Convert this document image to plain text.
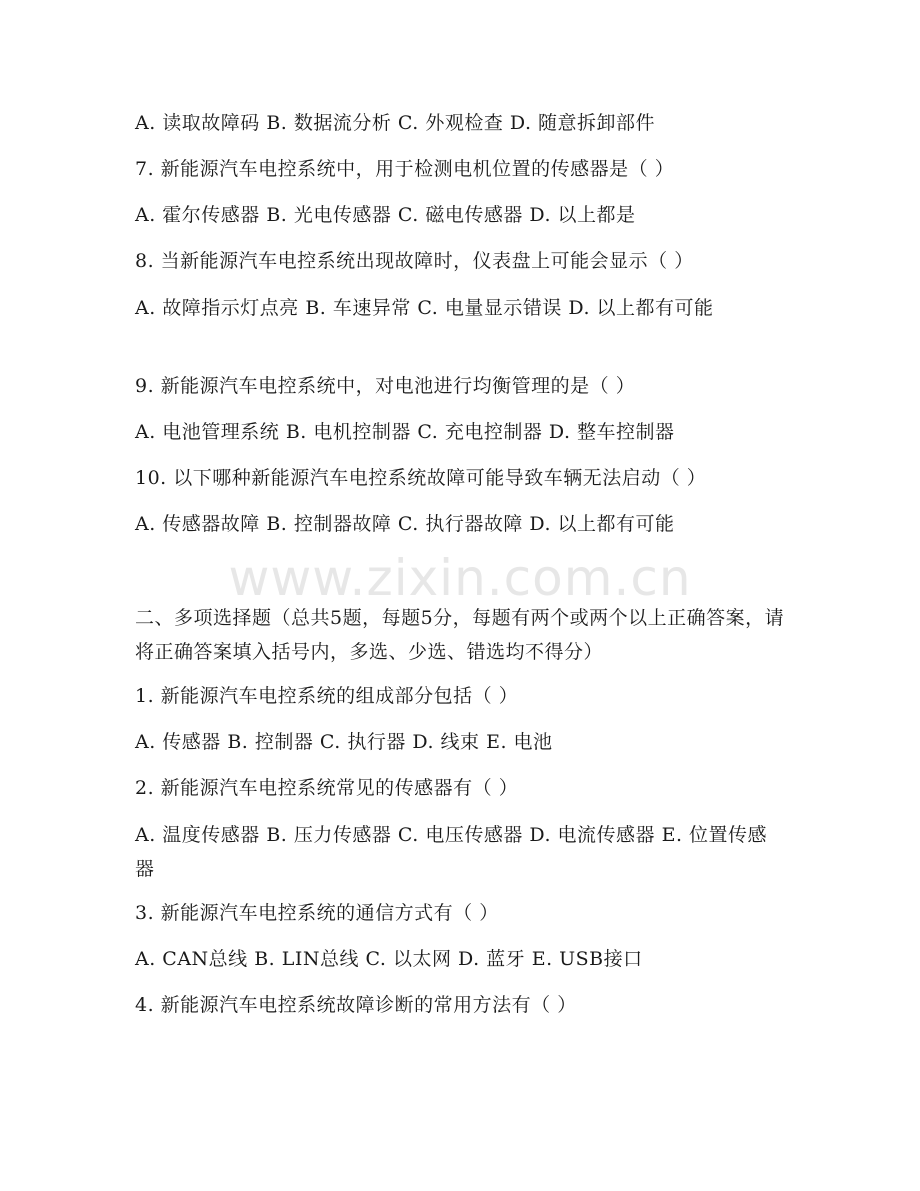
www.zixin.com.cn
A. 读取故障码 B. 数据流分析 C. 外观检查 D. 随意拆卸部件
7. 新能源汽车电控系统中，用于检测电机位置的传感器是（ ）
A. 霍尔传感器 B. 光电传感器 C. 磁电传感器 D. 以上都是
8. 当新能源汽车电控系统出现故障时，仪表盘上可能会显示（ ）
A. 故障指示灯点亮 B. 车速异常 C. 电量显示错误 D. 以上都有可能
9. 新能源汽车电控系统中，对电池进行均衡管理的是（ ）
A. 电池管理系统 B. 电机控制器 C. 充电控制器 D. 整车控制器
10. 以下哪种新能源汽车电控系统故障可能导致车辆无法启动（ ）
A. 传感器故障 B. 控制器故障 C. 执行器故障 D. 以上都有可能
二、多项选择题（总共5题，每题5分，每题有两个或两个以上正确答案，请将正确答案填入括号内，多选、少选、错选均不得分）
1. 新能源汽车电控系统的组成部分包括（ ）
A. 传感器 B. 控制器 C. 执行器 D. 线束 E. 电池
2. 新能源汽车电控系统常见的传感器有（ ）
A. 温度传感器 B. 压力传感器 C. 电压传感器 D. 电流传感器 E. 位置传感器
3. 新能源汽车电控系统的通信方式有（ ）
A. CAN总线 B. LIN总线 C. 以太网 D. 蓝牙 E. USB接口
4. 新能源汽车电控系统故障诊断的常用方法有（ ）
